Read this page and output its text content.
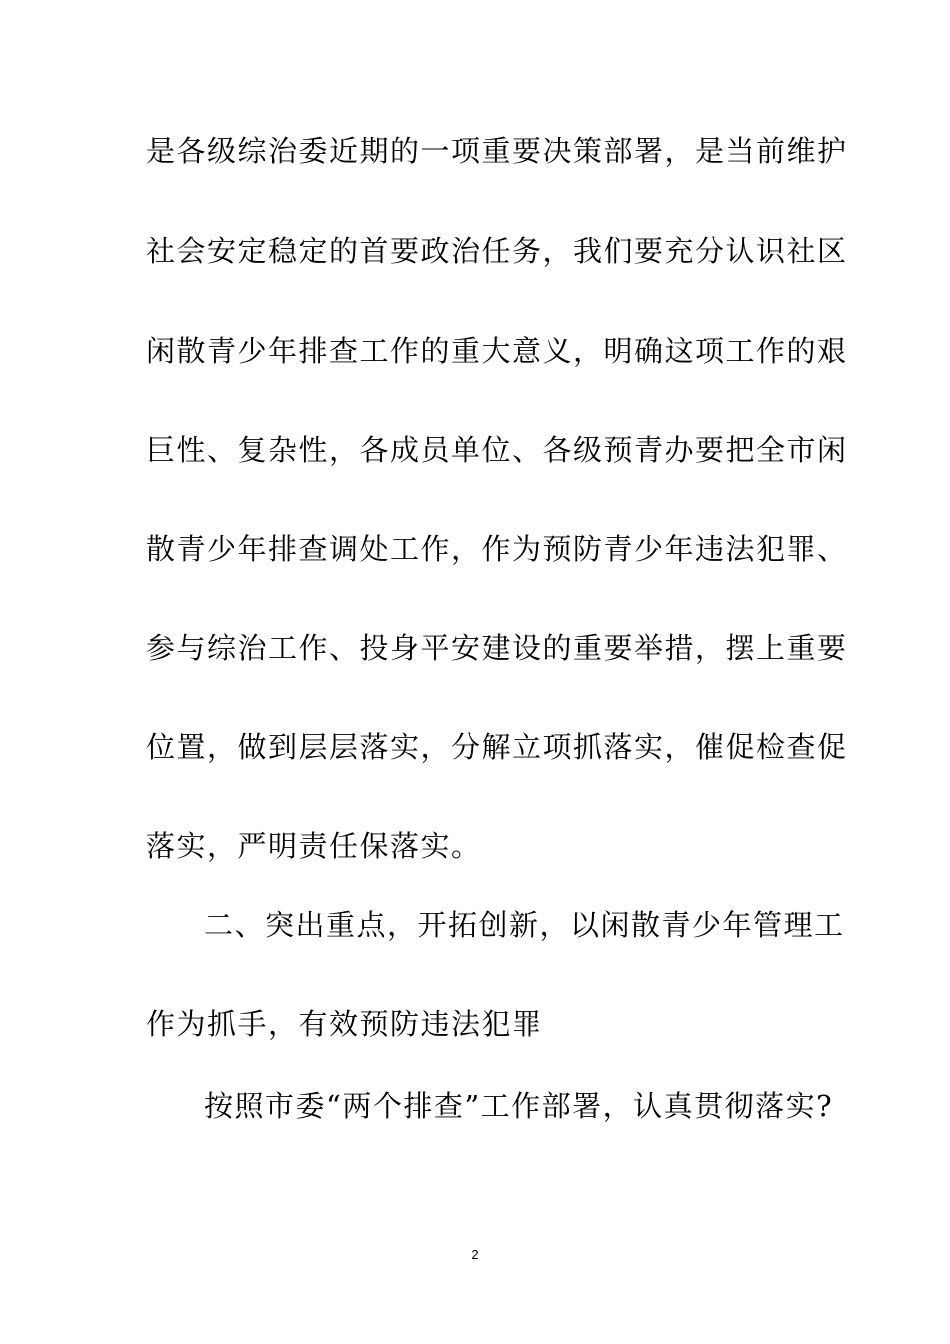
是各级综治委近期的一项重要决策部署，是当前维护
社会安定稳定的首要政治任务，我们要充分认识社区
闲散青少年排查工作的重大意义，明确这项工作的艰
巨性、复杂性，各成员单位、各级预青办要把全市闲
散青少年排查调处工作，作为预防青少年违法犯罪、
参与综治工作、投身平安建设的重要举措，摆上重要
位置，做到层层落实，分解立项抓落实，催促检查促
落实，严明责任保落实。
二、突出重点，开拓创新，以闲散青少年管理工
作为抓手，有效预防违法犯罪
按照市委“两个排查”工作部署，认真贯彻落实?
2
